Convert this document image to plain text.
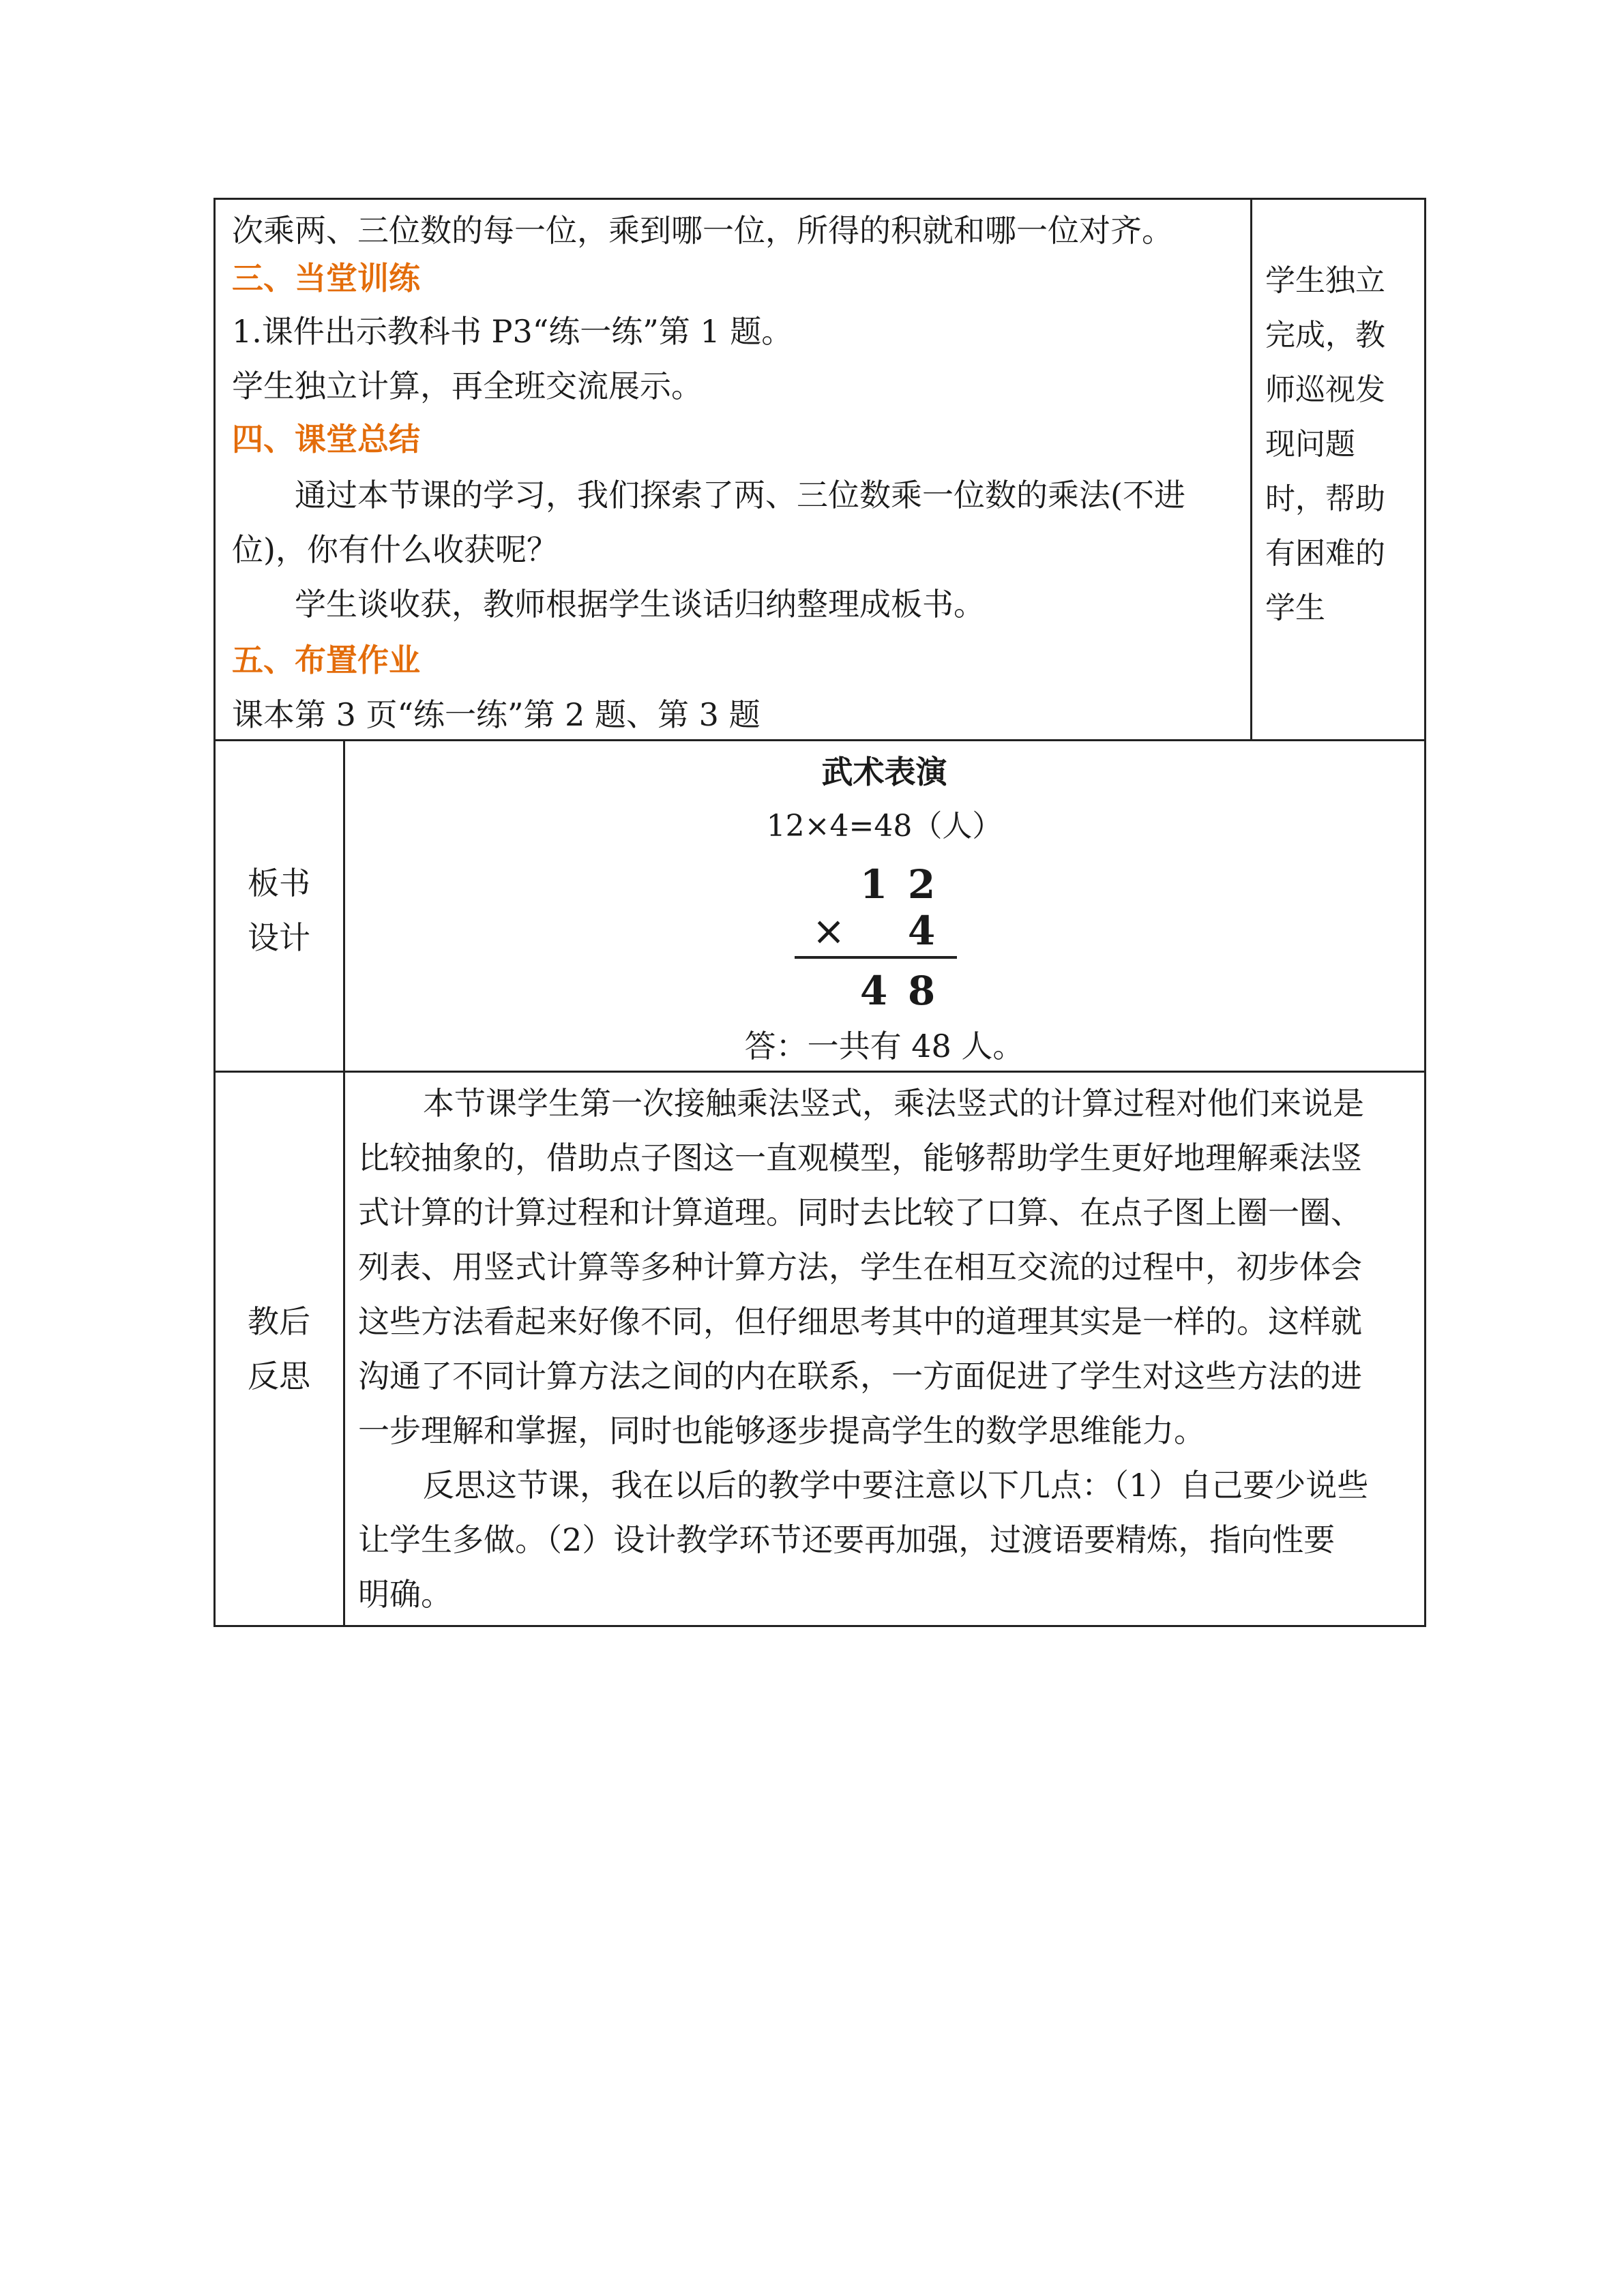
次乘两、三位数的每一位，乘到哪一位，所得的积就和哪一位对齐。
三、当堂训练
1.课件出示教科书 P3“练一练”第 1 题。
学生独立计算，再全班交流展示。
四、课堂总结
通过本节课的学习，我们探索了两、三位数乘一位数的乘法(不进
位)，你有什么收获呢？
学生谈收获，教师根据学生谈话归纳整理成板书。
五、布置作业
课本第 3 页“练一练”第 2 题、第 3 题
学生独立
完成，教
师巡视发
现问题
时，帮助
有困难的
学生
板书
设计
武术表演
12×4=48（人）
1 2
× 4
4 8
答：一共有 48 人。
教后
反思
本节课学生第一次接触乘法竖式，乘法竖式的计算过程对他们来说是
比较抽象的，借助点子图这一直观模型，能够帮助学生更好地理解乘法竖
式计算的计算过程和计算道理。同时去比较了口算、在点子图上圈一圈、
列表、用竖式计算等多种计算方法，学生在相互交流的过程中，初步体会
这些方法看起来好像不同，但仔细思考其中的道理其实是一样的。这样就
沟通了不同计算方法之间的内在联系，一方面促进了学生对这些方法的进
一步理解和掌握，同时也能够逐步提高学生的数学思维能力。
反思这节课，我在以后的教学中要注意以下几点：（1）自己要少说些
让学生多做。（2）设计教学环节还要再加强，过渡语要精炼，指向性要
明确。
